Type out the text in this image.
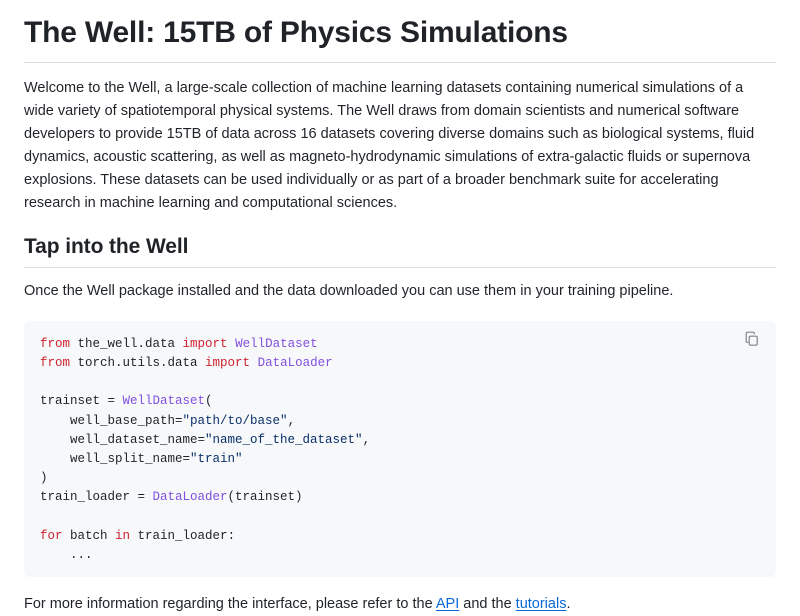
The Well: 15TB of Physics Simulations

Welcome to the Well, a large-scale collection of machine learning datasets containing numerical simulations of a wide variety of spatiotemporal physical systems. The Well draws from domain scientists and numerical software developers to provide 15TB of data across 16 datasets covering diverse domains such as biological systems, fluid dynamics, acoustic scattering, as well as magneto-hydrodynamic simulations of extra-galactic fluids or supernova explosions. These datasets can be used individually or as part of a broader benchmark suite for accelerating research in machine learning and computational sciences.

Tap into the Well

Once the Well package installed and the data downloaded you can use them in your training pipeline.

from the_well.data import WellDataset
from torch.utils.data import DataLoader

trainset = WellDataset(
well_base_path="path/to/base",
well_dataset_name="name_of_the_dataset",
well_split_name="train"
)
train_loader = DataLoader(trainset)

for batch in train_loader:
...

For more information regarding the interface, please refer to the API and the tutorials.
